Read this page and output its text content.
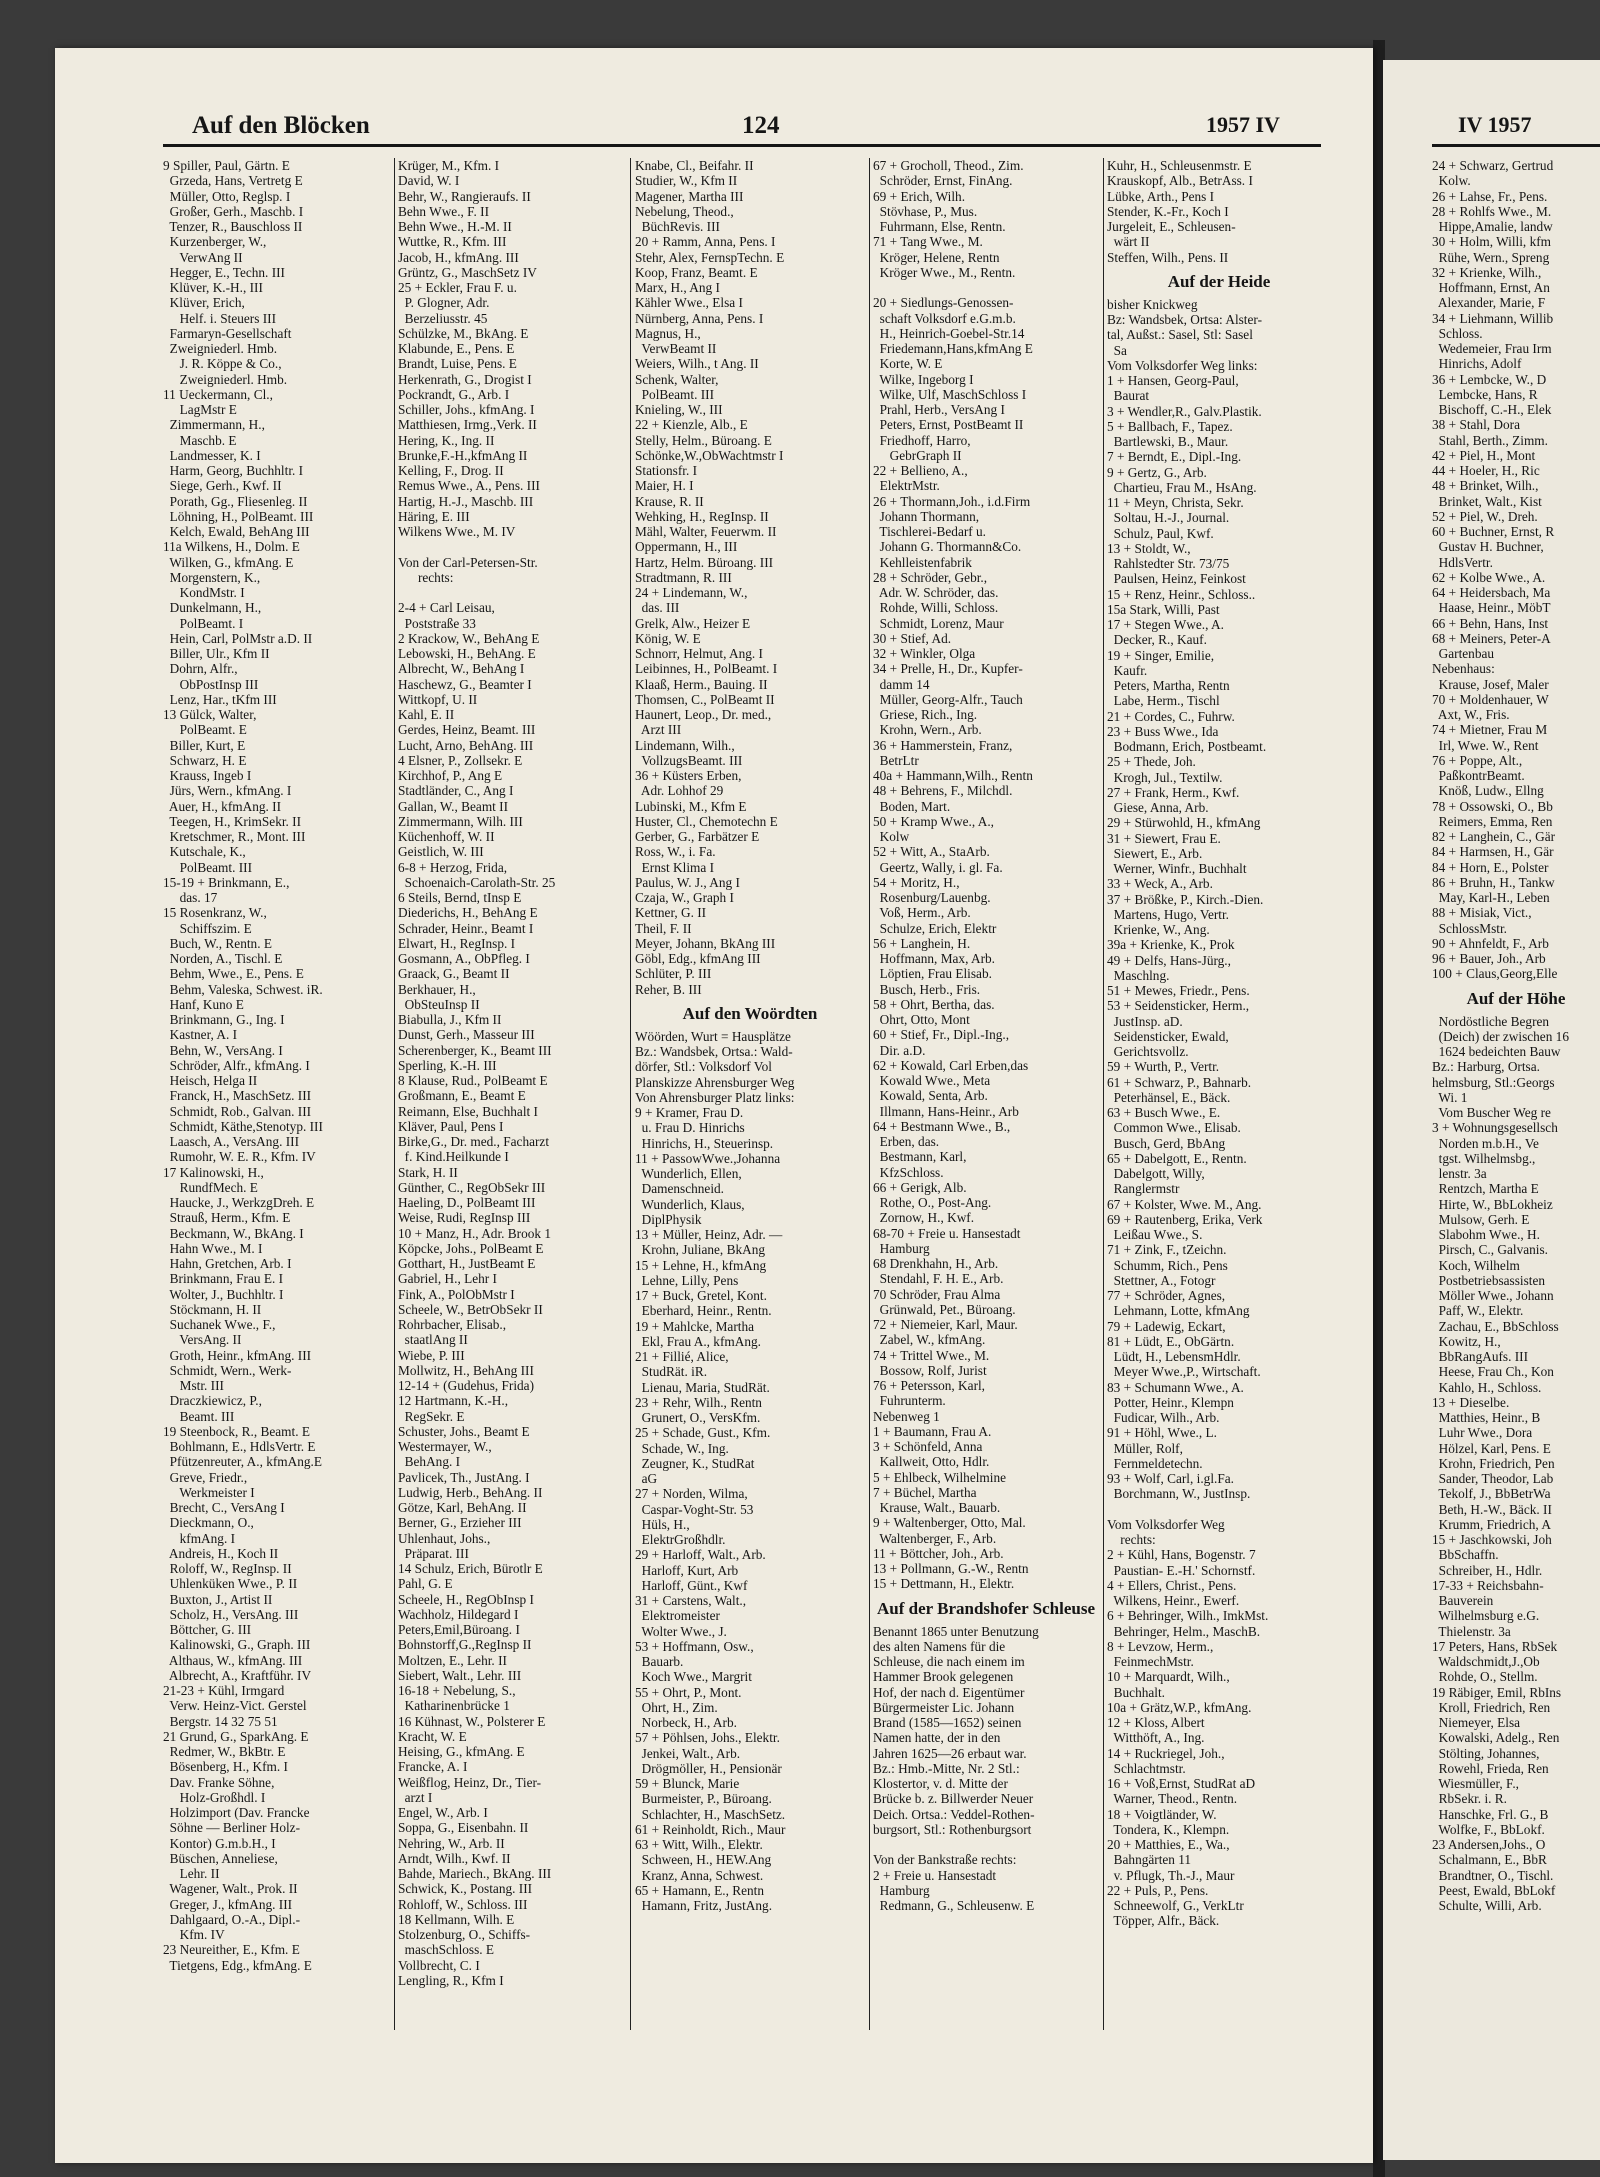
Auf den Blöcken	124	1957 IV	IV 1957
9 Spiller, Paul, Gärtn. E
Grzeda, Hans, Vertretg E
Müller, Otto, Reglsp. I
Großer, Gerh., Maschb. I
Tenzer, R., Bauschloss II
Kurzenberger, W.,
VerwAng II
Hegger, E., Techn. III
Klüver, K.-H., III
Klüver, Erich,
Helf. i. Steuers III
Farmaryn-Gesellschaft
Zweigniederl. Hmb.
J. R. Köppe & Co.,
Zweigniederl. Hmb.
11 Ueckermann, Cl.,
LagMstr E
Zimmermann, H.,
Maschb. E
Landmesser, K. I
Harm, Georg, Buchhltr. I
Siege, Gerh., Kwf. II
Porath, Gg., Fliesenleg. II
Löhning, H., PolBeamt. III
Kelch, Ewald, BehAng III
11a Wilkens, H., Dolm. E
Wilken, G., kfmAng. E
Morgenstern, K.,
KondMstr. I
Dunkelmann, H.,
PolBeamt. I
Hein, Carl, PolMstr a.D. II
Biller, Ulr., Kfm II
Dohrn, Alfr.,
ObPostInsp III
Lenz, Har., tKfm III
13 Gülck, Walter,
PolBeamt. E
Biller, Kurt, E
Schwarz, H. E
Krauss, Ingeb I
Jürs, Wern., kfmAng. I
Auer, H., kfmAng. II
Teegen, H., KrimSekr. II
Kretschmer, R., Mont. III
Kutschale, K.,
PolBeamt. III
15-19 + Brinkmann, E.,
das. 17
15 Rosenkranz, W.,
Schiffszim. E
Buch, W., Rentn. E
Norden, A., Tischl. E
Behm, Wwe., E., Pens. E
Behm, Valeska, Schwest. iR.
Hanf, Kuno E
Brinkmann, G., Ing. I
Kastner, A. I
Behn, W., VersAng. I
Schröder, Alfr., kfmAng. I
Heisch, Helga II
Franck, H., MaschSetz. III
Schmidt, Rob., Galvan. III
Schmidt, Käthe,Stenotyp. III
Laasch, A., VersAng. III
Rumohr, W. E. R., Kfm. IV
17 Kalinowski, H.,
RundfMech. E
Haucke, J., WerkzgDreh. E
Strauß, Herm., Kfm. E
Beckmann, W., BkAng. I
Hahn Wwe., M. I
Hahn, Gretchen, Arb. I
Brinkmann, Frau E. I
Wolter, J., Buchhltr. I
Stöckmann, H. II
Suchanek Wwe., F.,
VersAng. II
Groth, Heinr., kfmAng. III
Schmidt, Wern., Werk-
Mstr. III
Draczkiewicz, P.,
Beamt. III
19 Steenbock, R., Beamt. E
Bohlmann, E., HdlsVertr. E
Pfützenreuter, A., kfmAng.E
Greve, Friedr.,
Werkmeister I
Brecht, C., VersAng I
Dieckmann, O.,
kfmAng. I
Andreis, H., Koch II
Roloff, W., RegInsp. II
Uhlenküken Wwe., P. II
Buxton, J., Artist II
Scholz, H., VersAng. III
Böttcher, G. III
Kalinowski, G., Graph. III
Althaus, W., kfmAng. III
Albrecht, A., Kraftführ. IV
21-23 + Kühl, Irmgard
Verw. Heinz-Vict. Gerstel
Bergstr. 14 32 75 51
21 Grund, G., SparkAng. E
Redmer, W., BkBtr. E
Bösenberg, H., Kfm. I
Dav. Franke Söhne,
Holz-Großhdl. I
Holzimport (Dav. Francke
Söhne — Berliner Holz-
Kontor) G.m.b.H., I
Büschen, Anneliese,
Lehr. II
Wagener, Walt., Prok. II
Greger, J., kfmAng. III
Dahlgaard, O.-A., Dipl.-
Kfm. IV
23 Neureither, E., Kfm. E
Tietgens, Edg., kfmAng. E
Krüger, M., Kfm. I
David, W. I
Behr, W., Rangieraufs. II
Behn Wwe., F. II
Behn Wwe., H.-M. II
Wuttke, R., Kfm. III
Jacob, H., kfmAng. III
Grüntz, G., MaschSetz IV
25 + Eckler, Frau F. u.
P. Glogner, Adr.
Berzeliusstr. 45
Schülzke, M., BkAng. E
Klabunde, E., Pens. E
Brandt, Luise, Pens. E
Herkenrath, G., Drogist I
Pockrandt, G., Arb. I
Schiller, Johs., kfmAng. I
Matthiesen, Irmg.,Verk. II
Hering, K., Ing. II
Brunke,F.-H.,kfmAng II
Kelling, F., Drog. II
Remus Wwe., A., Pens. III
Hartig, H.-J., Maschb. III
Häring, E. III
Wilkens Wwe., M. IV

Von der Carl-Petersen-Str.
rechts:

2-4 + Carl Leisau,
Poststraße 33
2 Krackow, W., BehAng E
Lebowski, H., BehAng. E
Albrecht, W., BehAng I
Haschewz, G., Beamter I
Wittkopf, U. II
Kahl, E. II
Gerdes, Heinz, Beamt. III
Lucht, Arno, BehAng. III
4 Elsner, P., Zollsekr. E
Kirchhof, P., Ang E
Stadtländer, C., Ang I
Gallan, W., Beamt II
Zimmermann, Wilh. III
Küchenhoff, W. II
Geistlich, W. III
6-8 + Herzog, Frida,
Schoenaich-Carolath-Str. 25
6 Steils, Bernd, tInsp E
Diederichs, H., BehAng E
Schrader, Heinr., Beamt I
Elwart, H., RegInsp. I
Gosmann, A., ObPfleg. I
Graack, G., Beamt II
Berkhauer, H.,
ObSteuInsp II
Biabulla, J., Kfm II
Dunst, Gerh., Masseur III
Scherenberger, K., Beamt III
Sperling, K.-H. III
8 Klause, Rud., PolBeamt E
Großmann, E., Beamt E
Reimann, Else, Buchhalt I
Kläver, Paul, Pens I
Birke,G., Dr. med., Facharzt
f. Kind.Heilkunde I
Stark, H. II
Günther, C., RegObSekr III
Haeling, D., PolBeamt III
Weise, Rudi, RegInsp III
10 + Manz, H., Adr. Brook 1
Köpcke, Johs., PolBeamt E
Gotthart, H., JustBeamt E
Gabriel, H., Lehr I
Fink, A., PolObMstr I
Scheele, W., BetrObSekr II
Rohrbacher, Elisab.,
staatlAng II
Wiebe, P. III
Mollwitz, H., BehAng III
12-14 + (Gudehus, Frida)
12 Hartmann, K.-H.,
RegSekr. E
Schuster, Johs., Beamt E
Westermayer, W.,
BehAng. I
Pavlicek, Th., JustAng. I
Ludwig, Herb., BehAng. II
Götze, Karl, BehAng. II
Berner, G., Erzieher III
Uhlenhaut, Johs.,
Präparat. III
14 Schulz, Erich, Bürotlr E
Pahl, G. E
Scheele, H., RegObInsp I
Wachholz, Hildegard I
Peters,Emil,Büroang. I
Bohnstorff,G.,RegInsp II
Moltzen, E., Lehr. II
Siebert, Walt., Lehr. III
16-18 + Nebelung, S.,
Katharinenbrücke 1
16 Kühnast, W., Polsterer E
Kracht, W. E
Heising, G., kfmAng. E
Francke, A. I
Weißflog, Heinz, Dr., Tier-
arzt I
Engel, W., Arb. I
Soppa, G., Eisenbahn. II
Nehring, W., Arb. II
Arndt, Wilh., Kwf. II
Bahde, Mariech., BkAng. III
Schwick, K., Postang. III
Rohloff, W., Schloss. III
18 Kellmann, Wilh. E
Stolzenburg, O., Schiffs-
maschSchloss. E
Vollbrecht, C. I
Lengling, R., Kfm I
Knabe, Cl., Beifahr. II
Studier, W., Kfm II
Magener, Martha III
Nebelung, Theod.,
BüchRevis. III
20 + Ramm, Anna, Pens. I
Stehr, Alex, FernspTechn. E
Koop, Franz, Beamt. E
Marx, H., Ang I
Kähler Wwe., Elsa I
Nürnberg, Anna, Pens. I
Magnus, H.,
VerwBeamt II
Weiers, Wilh., t Ang. II
Schenk, Walter,
PolBeamt. III
Knieling, W., III
22 + Kienzle, Alb., E
Stelly, Helm., Büroang. E
Schönke,W.,ObWachtmstr I
Stationsfr. I
Maier, H. I
Krause, R. II
Wehking, H., RegInsp. II
Mähl, Walter, Feuerwm. II
Oppermann, H., III
Hartz, Helm. Büroang. III
Stradtmann, R. III
24 + Lindemann, W.,
das. III
Grelk, Alw., Heizer E
König, W. E
Schnorr, Helmut, Ang. I
Leibinnes, H., PolBeamt. I
Klaaß, Herm., Bauing. II
Thomsen, C., PolBeamt II
Haunert, Leop., Dr. med.,
Arzt III
Lindemann, Wilh.,
VollzugsBeamt. III
36 + Küsters Erben,
Adr. Lohhof 29
Lubinski, M., Kfm E
Huster, Cl., Chemotechn E
Gerber, G., Farbätzer E
Ross, W., i. Fa.
Ernst Klima I
Paulus, W. J., Ang I
Czaja, W., Graph I
Kettner, G. II
Theil, F. II
Meyer, Johann, BkAng III
Göbl, Edg., kfmAng III
Schlüter, P. III
Reher, B. III
Auf den Woördten
Wöörden, Wurt = Hausplätze
Bz.: Wandsbek, Ortsa.: Wald-
dörfer, Stl.: Volksdorf Vol
Planskizze Ahrensburger Weg
Von Ahrensburger Platz links:
9 + Kramer, Frau D.
u. Frau D. Hinrichs
Hinrichs, H., Steuerinsp.
11 + PassowWwe.,Johanna
Wunderlich, Ellen,
Damenschneid.
Wunderlich, Klaus,
DiplPhysik
13 + Müller, Heinz, Adr. —
Krohn, Juliane, BkAng
15 + Lehne, H., kfmAng
Lehne, Lilly, Pens
17 + Buck, Gretel, Kont.
Eberhard, Heinr., Rentn.
19 + Mahlcke, Martha
Ekl, Frau A., kfmAng.
21 + Fillié, Alice,
StudRät. iR.
Lienau, Maria, StudRät.
23 + Rehr, Wilh., Rentn
Grunert, O., VersKfm.
25 + Schade, Gust., Kfm.
Schade, W., Ing.
Zeugner, K., StudRat
aG
27 + Norden, Wilma,
Caspar-Voght-Str. 53
Hüls, H.,
ElektrGroßhdlr.
29 + Harloff, Walt., Arb.
Harloff, Kurt, Arb
Harloff, Günt., Kwf
31 + Carstens, Walt.,
Elektromeister
Wolter Wwe., J.
53 + Hoffmann, Osw.,
Bauarb.
Koch Wwe., Margrit
55 + Ohrt, P., Mont.
Ohrt, H., Zim.
Norbeck, H., Arb.
57 + Pöhlsen, Johs., Elektr.
Jenkei, Walt., Arb.
Drögmöller, H., Pensionär
59 + Blunck, Marie
Burmeister, P., Büroang.
Schlachter, H., MaschSetz.
61 + Reinholdt, Rich., Maur
63 + Witt, Wilh., Elektr.
Schween, H., HEW.Ang
Kranz, Anna, Schwest.
65 + Hamann, E., Rentn
Hamann, Fritz, JustAng.
67 + Grocholl, Theod., Zim.
Schröder, Ernst, FinAng.
69 + Erich, Wilh.
Stövhase, P., Mus.
Fuhrmann, Else, Rentn.
71 + Tang Wwe., M.
Kröger, Helene, Rentn
Kröger Wwe., M., Rentn.

20 + Siedlungs-Genossen-
schaft Volksdorf e.G.m.b.
H., Heinrich-Goebel-Str.14
Friedemann,Hans,kfmAng E
Korte, W. E
Wilke, Ingeborg I
Wilke, Ulf, MaschSchloss I
Prahl, Herb., VersAng I
Peters, Ernst, PostBeamt II
Friedhoff, Harro,
GebrGraph II
22 + Bellieno, A.,
ElektrMstr.
26 + Thormann,Joh., i.d.Firm
Johann Thormann,
Tischlerei-Bedarf u.
Johann G. Thormann&Co.
Kehlleistenfabrik
28 + Schröder, Gebr.,
Adr. W. Schröder, das.
Rohde, Willi, Schloss.
Schmidt, Lorenz, Maur
30 + Stief, Ad.
32 + Winkler, Olga
34 + Prelle, H., Dr., Kupfer-
damm 14
Müller, Georg-Alfr., Tauch
Griese, Rich., Ing.
Krohn, Wern., Arb.
36 + Hammerstein, Franz,
BetrLtr
40a + Hammann,Wilh., Rentn
48 + Behrens, F., Milchdl.
Boden, Mart.
50 + Kramp Wwe., A.,
Kolw
52 + Witt, A., StaArb.
Geertz, Wally, i. gl. Fa.
54 + Moritz, H.,
Rosenburg/Lauenbg.
Voß, Herm., Arb.
Schulze, Erich, Elektr
56 + Langhein, H.
Hoffmann, Max, Arb.
Löptien, Frau Elisab.
Busch, Herb., Fris.
58 + Ohrt, Bertha, das.
Ohrt, Otto, Mont
60 + Stief, Fr., Dipl.-Ing.,
Dir. a.D.
62 + Kowald, Carl Erben,das
Kowald Wwe., Meta
Kowald, Senta, Arb.
Illmann, Hans-Heinr., Arb
64 + Bestmann Wwe., B.,
Erben, das.
Bestmann, Karl,
KfzSchloss.
66 + Gerigk, Alb.
Rothe, O., Post-Ang.
Zornow, H., Kwf.
68-70 + Freie u. Hansestadt
Hamburg
68 Drenkhahn, H., Arb.
Stendahl, F. H. E., Arb.
70 Schröder, Frau Alma
Grünwald, Pet., Büroang.
72 + Niemeier, Karl, Maur.
Zabel, W., kfmAng.
74 + Trittel Wwe., M.
Bossow, Rolf, Jurist
76 + Petersson, Karl,
Fuhrunterm.
Nebenweg 1
1 + Baumann, Frau A.
3 + Schönfeld, Anna
Kallweit, Otto, Hdlr.
5 + Ehlbeck, Wilhelmine
7 + Büchel, Martha
Krause, Walt., Bauarb.
9 + Waltenberger, Otto, Mal.
Waltenberger, F., Arb.
11 + Böttcher, Joh., Arb.
13 + Pollmann, G.-W., Rentn
15 + Dettmann, H., Elektr.
Auf der Brandshofer Schleuse
Benannt 1865 unter Benutzung
des alten Namens für die
Schleuse, die nach einem im
Hammer Brook gelegenen
Hof, der nach d. Eigentümer
Bürgermeister Lic. Johann
Brand (1585—1652) seinen
Namen hatte, der in den
Jahren 1625—26 erbaut war.
Bz.: Hmb.-Mitte, Nr. 2 Stl.:
Klostertor, v. d. Mitte der
Brücke b. z. Billwerder Neuer
Deich. Ortsa.: Veddel-Rothen-
burgsort, Stl.: Rothenburgsort

Von der Bankstraße rechts:
2 + Freie u. Hansestadt
Hamburg
Redmann, G., Schleusenw. E
Kuhr, H., Schleusenmstr. E
Krauskopf, Alb., BetrAss. I
Lübke, Arth., Pens I
Stender, K.-Fr., Koch I
Jurgeleit, E., Schleusen-
wärt II
Steffen, Wilh., Pens. II
Auf der Heide
bisher Knickweg
Bz: Wandsbek, Ortsa: Alster-
tal, Außst.: Sasel, Stl: Sasel
Sa
Vom Volksdorfer Weg links:
1 + Hansen, Georg-Paul,
Baurat
3 + Wendler,R., Galv.Plastik.
5 + Ballbach, F., Tapez.
Bartlewski, B., Maur.
7 + Berndt, E., Dipl.-Ing.
9 + Gertz, G., Arb.
Chartieu, Frau M., HsAng.
11 + Meyn, Christa, Sekr.
Soltau, H.-J., Journal.
Schulz, Paul, Kwf.
13 + Stoldt, W.,
Rahlstedter Str. 73/75
Paulsen, Heinz, Feinkost
15 + Renz, Heinr., Schloss..
15a Stark, Willi, Past
17 + Stegen Wwe., A.
Decker, R., Kauf.
19 + Singer, Emilie,
Kaufr.
Peters, Martha, Rentn
Labe, Herm., Tischl
21 + Cordes, C., Fuhrw.
23 + Buss Wwe., Ida
Bodmann, Erich, Postbeamt.
25 + Thede, Joh.
Krogh, Jul., Textilw.
27 + Frank, Herm., Kwf.
Giese, Anna, Arb.
29 + Stürwohld, H., kfmAng
31 + Siewert, Frau E.
Siewert, E., Arb.
Werner, Winfr., Buchhalt
33 + Weck, A., Arb.
37 + Brößke, P., Kirch.-Dien.
Martens, Hugo, Vertr.
Krienke, W., Ang.
39a + Krienke, K., Prok
49 + Delfs, Hans-Jürg.,
Maschlng.
51 + Mewes, Friedr., Pens.
53 + Seidensticker, Herm.,
JustInsp. aD.
Seidensticker, Ewald,
Gerichtsvollz.
59 + Wurth, P., Vertr.
61 + Schwarz, P., Bahnarb.
Peterhänsel, E., Bäck.
63 + Busch Wwe., E.
Common Wwe., Elisab.
Busch, Gerd, BbAng
65 + Dabelgott, E., Rentn.
Dabelgott, Willy,
Ranglermstr
67 + Kolster, Wwe. M., Ang.
69 + Rautenberg, Erika, Verk
Leißau Wwe., S.
71 + Zink, F., tZeichn.
Schumm, Rich., Pens
Stettner, A., Fotogr
77 + Schröder, Agnes,
Lehmann, Lotte, kfmAng
79 + Ladewig, Eckart,
81 + Lüdt, E., ObGärtn.
Lüdt, H., LebensmHdlr.
Meyer Wwe.,P., Wirtschaft.
83 + Schumann Wwe., A.
Potter, Heinr., Klempn
Fudicar, Wilh., Arb.
91 + Höhl, Wwe., L.
Müller, Rolf,
Fernmeldetechn.
93 + Wolf, Carl, i.gl.Fa.
Borchmann, W., JustInsp.

Vom Volksdorfer Weg
rechts:
2 + Kühl, Hans, Bogenstr. 7
Paustian- E.-H.' Schornstf.
4 + Ellers, Christ., Pens.
Wilkens, Heinr., Ewerf.
6 + Behringer, Wilh., ImkMst.
Behringer, Helm., MaschB.
8 + Levzow, Herm.,
FeinmechMstr.
10 + Marquardt, Wilh.,
Buchhalt.
10a + Grätz,W.P., kfmAng.
12 + Kloss, Albert
Witthöft, A., Ing.
14 + Ruckriegel, Joh.,
Schlachtmstr.
16 + Voß,Ernst, StudRat aD
Warner, Theod., Rentn.
18 + Voigtländer, W.
Tondera, K., Klempn.
20 + Matthies, E., Wa.,
Bahngärten 11
v. Pflugk, Th.-J., Maur
22 + Puls, P., Pens.
Schneewolf, G., VerkLtr
Töpper, Alfr., Bäck.
24 + Schwarz, Gertrud
Kolw.
26 + Lahse, Fr., Pens.
28 + Rohlfs Wwe., M.
Hippe,Amalie, landw
30 + Holm, Willi, kfm
Rühe, Wern., Spreng
32 + Krienke, Wilh.,
Hoffmann, Ernst, An
Alexander, Marie, F
34 + Liehmann, Willib
Schloss.
Wedemeier, Frau Irm
Hinrichs, Adolf
36 + Lembcke, W., D
Lembcke, Hans, R
Bischoff, C.-H., Elek
38 + Stahl, Dora
Stahl, Berth., Zimm.
42 + Piel, H., Mont
44 + Hoeler, H., Ric
48 + Brinket, Wilh.,
Brinket, Walt., Kist
52 + Piel, W., Dreh.
60 + Buchner, Ernst, R
Gustav H. Buchner,
HdlsVertr.
62 + Kolbe Wwe., A.
64 + Heidersbach, Ma
Haase, Heinr., MöbT
66 + Behn, Hans, Inst
68 + Meiners, Peter-A
Gartenbau
Nebenhaus:
Krause, Josef, Maler
70 + Moldenhauer, W
Axt, W., Fris.
74 + Mietner, Frau M
Irl, Wwe. W., Rent
76 + Poppe, Alt.,
PaßkontrBeamt.
Knöß, Ludw., Ellng
78 + Ossowski, O., Bb
Reimers, Emma, Ren
82 + Langhein, C., Gär
84 + Harmsen, H., Gär
84 + Horn, E., Polster
86 + Bruhn, H., Tankw
May, Karl-H., Leben
88 + Misiak, Vict.,
SchlossMstr.
90 + Ahnfeldt, F., Arb
96 + Bauer, Joh., Arb
100 + Claus,Georg,Elle
Auf der Höhe
Nordöstliche Begren
(Deich) der zwischen 16
1624 bedeichten Bauw
Bz.: Harburg, Ortsa.
helmsburg, Stl.:Georgs
Wi. 1
Vom Buscher Weg re
3 + Wohnungsgesellsch
Norden m.b.H., Ve
tgst. Wilhelmsbg.,
lenstr. 3a
Rentzch, Martha E
Hirte, W., BbLokheiz
Mulsow, Gerh. E
Slabohm Wwe., H.
Pirsch, C., Galvanis.
Koch, Wilhelm
Postbetriebsassisten
Möller Wwe., Johann
Paff, W., Elektr.
Zachau, E., BbSchloss
Kowitz, H.,
BbRangAufs. III
Heese, Frau Ch., Kon
Kahlo, H., Schloss.
13 + Dieselbe.
Matthies, Heinr., B
Luhr Wwe., Dora
Hölzel, Karl, Pens. E
Krohn, Friedrich, Pen
Sander, Theodor, Lab
Tekolf, J., BbBetrWa
Beth, H.-W., Bäck. II
Krumm, Friedrich, A
15 + Jaschkowski, Joh
BbSchaffn.
Schreiber, H., Hdlr.
17-33 + Reichsbahn-
Bauverein
Wilhelmsburg e.G.
Thielenstr. 3a
17 Peters, Hans, RbSek
Waldschmidt,J.,Ob
Rohde, O., Stellm.
19 Räbiger, Emil, RbIns
Kroll, Friedrich, Ren
Niemeyer, Elsa
Kowalski, Adelg., Ren
Stölting, Johannes,
Rowehl, Frieda, Ren
Wiesmüller, F.,
RbSekr. i. R.
Hanschke, Frl. G., B
Wolfke, F., BbLokf.
23 Andersen,Johs., O
Schalmann, E., BbR
Brandtner, O., Tischl.
Peest, Ewald, BbLokf
Schulte, Willi, Arb.
